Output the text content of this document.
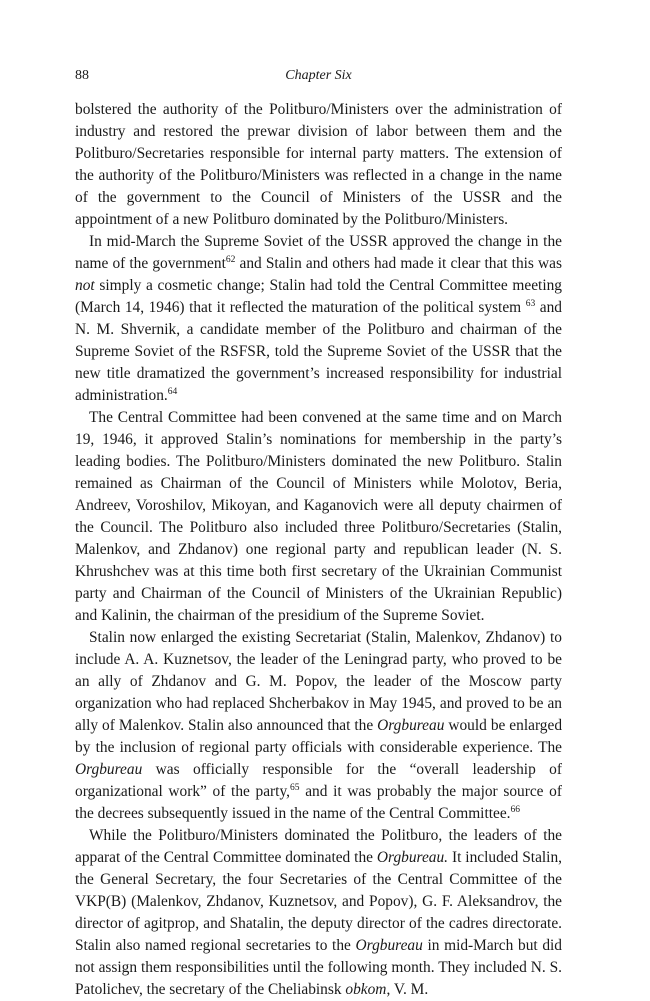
88	Chapter Six

bolstered the authority of the Politburo/Ministers over the administration of industry and restored the prewar division of labor between them and the Politburo/Secretaries responsible for internal party matters. The extension of the authority of the Politburo/Ministers was reflected in a change in the name of the government to the Council of Ministers of the USSR and the appointment of a new Politburo dominated by the Politburo/Ministers.

In mid-March the Supreme Soviet of the USSR approved the change in the name of the government$^{62}$ and Stalin and others had made it clear that this was not simply a cosmetic change; Stalin had told the Central Committee meeting (March 14, 1946) that it reflected the maturation of the political system $^{63}$ and N. M. Shvernik, a candidate member of the Politburo and chairman of the Supreme Soviet of the RSFSR, told the Supreme Soviet of the USSR that the new title dramatized the government’s increased responsibility for industrial administration.$^{64}$

The Central Committee had been convened at the same time and on March 19, 1946, it approved Stalin’s nominations for membership in the party’s leading bodies. The Politburo/Ministers dominated the new Politburo. Stalin remained as Chairman of the Council of Ministers while Molotov, Beria, Andreev, Voroshilov, Mikoyan, and Kaganovich were all deputy chairmen of the Council. The Politburo also included three Politburo/Secretaries (Stalin, Malenkov, and Zhdanov) one regional party and republican leader (N. S. Khrushchev was at this time both first secretary of the Ukrainian Communist party and Chairman of the Council of Ministers of the Ukrainian Republic) and Kalinin, the chairman of the presidium of the Supreme Soviet.

Stalin now enlarged the existing Secretariat (Stalin, Malenkov, Zhdanov) to include A. A. Kuznetsov, the leader of the Leningrad party, who proved to be an ally of Zhdanov and G. M. Popov, the leader of the Moscow party organization who had replaced Shcherbakov in May 1945, and proved to be an ally of Malenkov. Stalin also announced that the Orgbureau would be enlarged by the inclusion of regional party officials with considerable experience. The Orgbureau was officially responsible for the “overall leadership of organizational work” of the party,$^{65}$ and it was probably the major source of the decrees subsequently issued in the name of the Central Committee.$^{66}$

While the Politburo/Ministers dominated the Politburo, the leaders of the apparat of the Central Committee dominated the Orgbureau. It included Stalin, the General Secretary, the four Secretaries of the Central Committee of the VKP(B) (Malenkov, Zhdanov, Kuznetsov, and Popov), G. F. Aleksandrov, the director of agitprop, and Shatalin, the deputy director of the cadres directorate. Stalin also named regional secretaries to the Orgbureau in mid-March but did not assign them responsibilities until the following month. They included N. S. Patolichev, the secretary of the Cheliabinsk obkom, V. M.
